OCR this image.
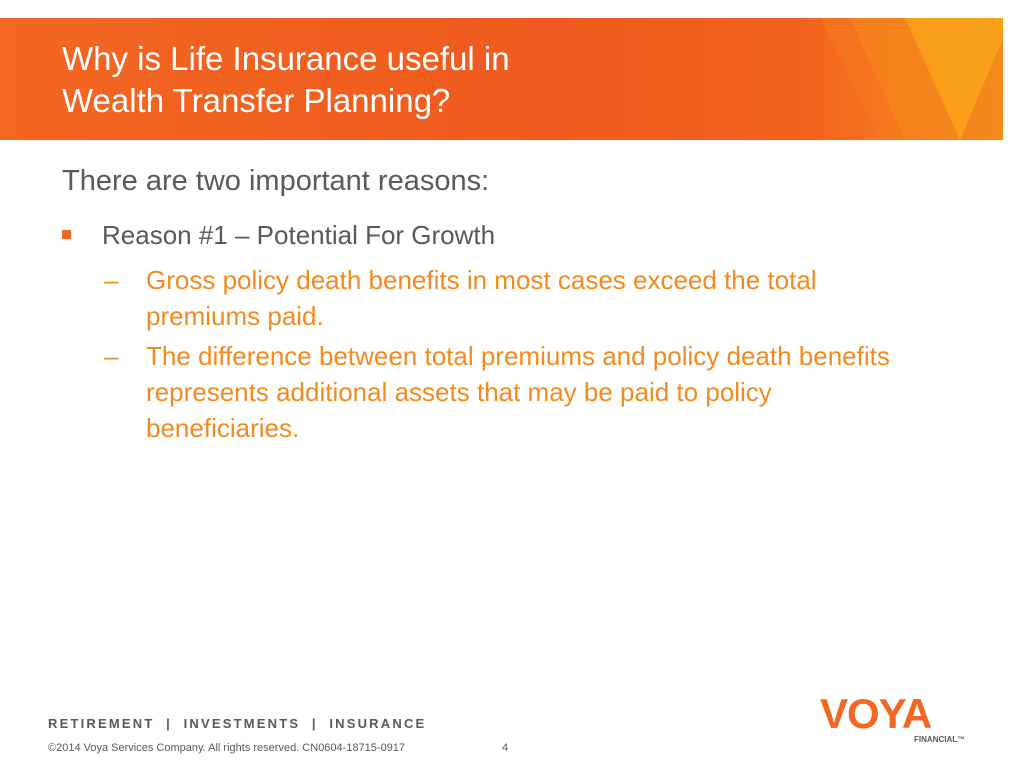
Why is Life Insurance useful in
Wealth Transfer Planning?

There are two important reasons:

Reason #1 – Potential For Growth
– Gross policy death benefits in most cases exceed the total premiums paid.
– The difference between total premiums and policy death benefits represents additional assets that may be paid to policy beneficiaries.
RETIREMENT  |  INVESTMENTS  |  INSURANCE
©2014 Voya Services Company. All rights reserved. CN0604-18715-0917	4
VOYA
FINANCIAL™
